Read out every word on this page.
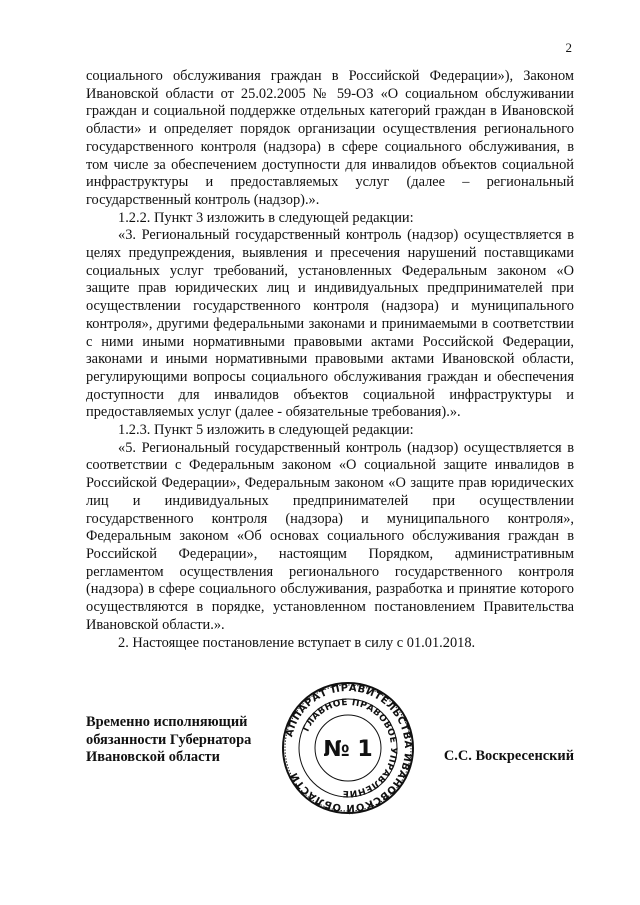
2

социального обслуживания граждан в Российской Федерации»), Законом Ивановской области от 25.02.2005 № 59-ОЗ «О социальном обслуживании граждан и социальной поддержке отдельных категорий граждан в Ивановской области» и определяет порядок организации осуществления регионального государственного контроля (надзора) в сфере социального обслуживания, в том числе за обеспечением доступности для инвалидов объектов социальной инфраструктуры и предоставляемых услуг (далее – региональный государственный контроль (надзор).».

1.2.2. Пункт 3 изложить в следующей редакции:

«3. Региональный государственный контроль (надзор) осуществляется в целях предупреждения, выявления и пресечения нарушений поставщиками социальных услуг требований, установленных Федеральным законом «О защите прав юридических лиц и индивидуальных предпринимателей при осуществлении государственного контроля (надзора) и муниципального контроля», другими федеральными законами и принимаемыми в соответствии с ними иными нормативными правовыми актами Российской Федерации, законами и иными нормативными правовыми актами Ивановской области, регулирующими вопросы социального обслуживания граждан и обеспечения доступности для инвалидов объектов социальной инфраструктуры и предоставляемых услуг (далее - обязательные требования).».

1.2.3. Пункт 5 изложить в следующей редакции:

«5. Региональный государственный контроль (надзор) осуществляется в соответствии с Федеральным законом «О социальной защите инвалидов в Российской Федерации», Федеральным законом «О защите прав юридических лиц и индивидуальных предпринимателей при осуществлении государственного контроля (надзора) и муниципального контроля», Федеральным законом «Об основах социального обслуживания граждан в Российской Федерации», настоящим Порядком, административным регламентом осуществления регионального государственного контроля (надзора) в сфере социального обслуживания, разработка и принятие которого осуществляются в порядке, установленном постановлением Правительства Ивановской области.».

2. Настоящее постановление вступает в силу с 01.01.2018.

Временно исполняющий
обязанности Губернатора
Ивановской области	С.С. Воскресенский
АППАРАТ ПРАВИТЕЛЬСТВА ИВАНОВСКОЙ ОБЛАСТИ
ГЛАВНОЕ ПРАВОВОЕ УПРАВЛЕНИЕ
№ 1
